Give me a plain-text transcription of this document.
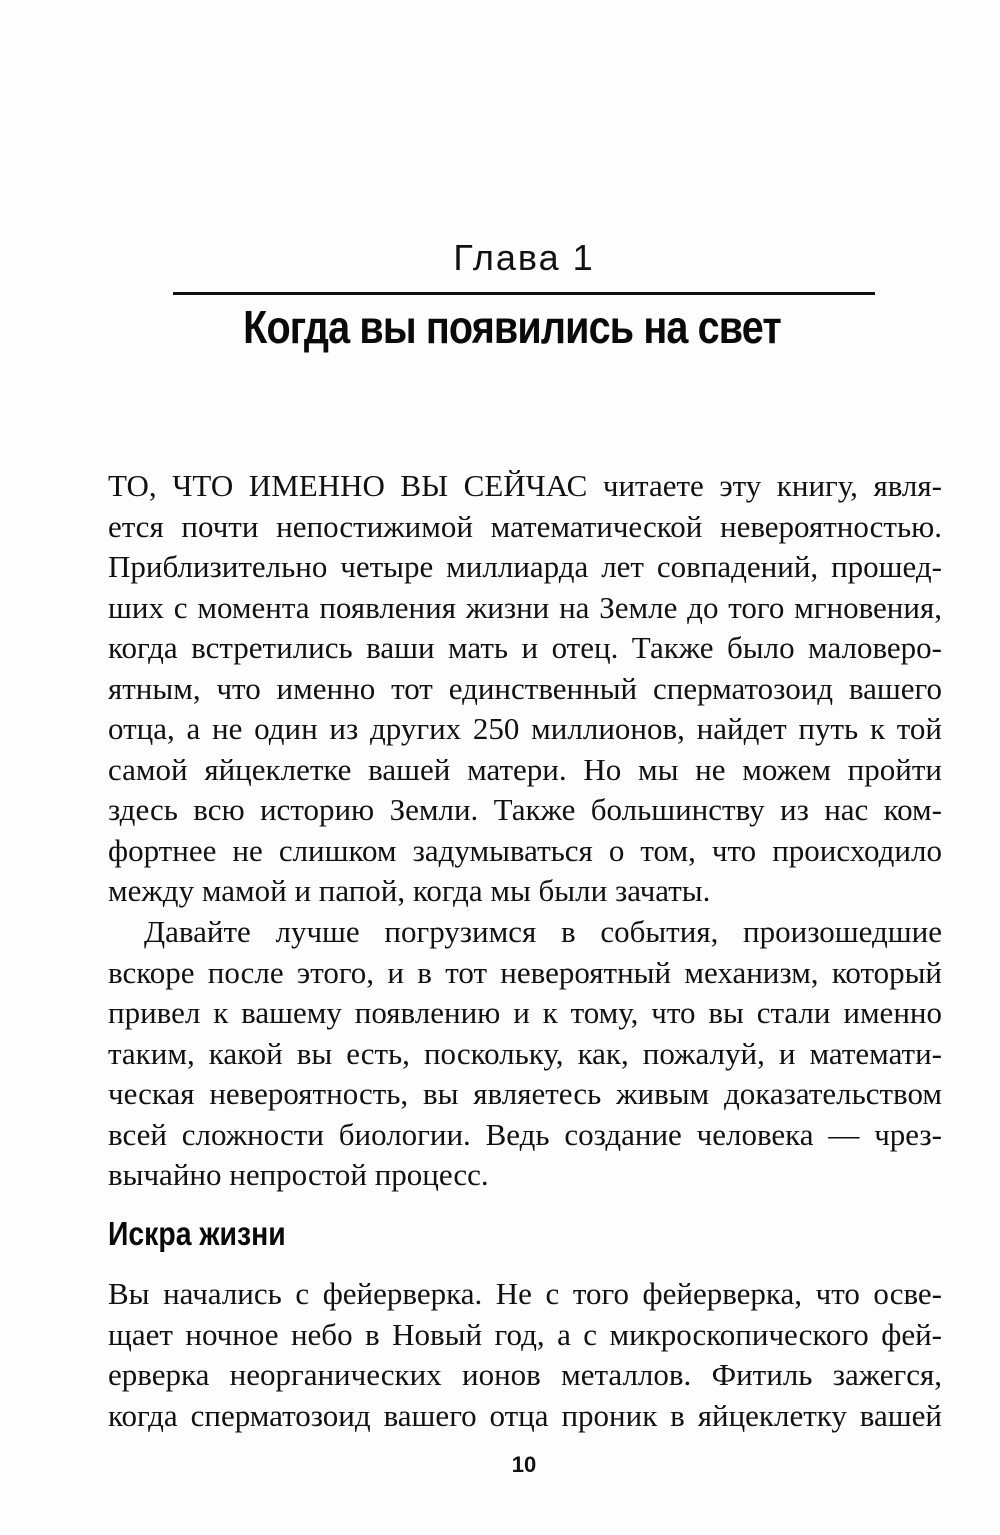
Глава 1
Когда вы появились на свет
ТО, ЧТО ИМЕННО ВЫ СЕЙЧАС читаете эту книгу, явля-
ется почти непостижимой математической невероятностью.
Приблизительно четыре миллиарда лет совпадений, прошед-
ших с момента появления жизни на Земле до того мгновения,
когда встретились ваши мать и отец. Также было маловеро-
ятным, что именно тот единственный сперматозоид вашего
отца, а не один из других 250 миллионов, найдет путь к той
самой яйцеклетке вашей матери. Но мы не можем пройти
здесь всю историю Земли. Также большинству из нас ком-
фортнее не слишком задумываться о том, что происходило
между мамой и папой, когда мы были зачаты.
Давайте лучше погрузимся в события, произошедшие
вскоре после этого, и в тот невероятный механизм, который
привел к вашему появлению и к тому, что вы стали именно
таким, какой вы есть, поскольку, как, пожалуй, и математи-
ческая невероятность, вы являетесь живым доказательством
всей сложности биологии. Ведь создание человека — чрез-
вычайно непростой процесс.
Искра жизни
Вы начались с фейерверка. Не с того фейерверка, что осве-
щает ночное небо в Новый год, а с микроскопического фей-
ерверка неорганических ионов металлов. Фитиль зажегся,
когда сперматозоид вашего отца проник в яйцеклетку вашей
10
